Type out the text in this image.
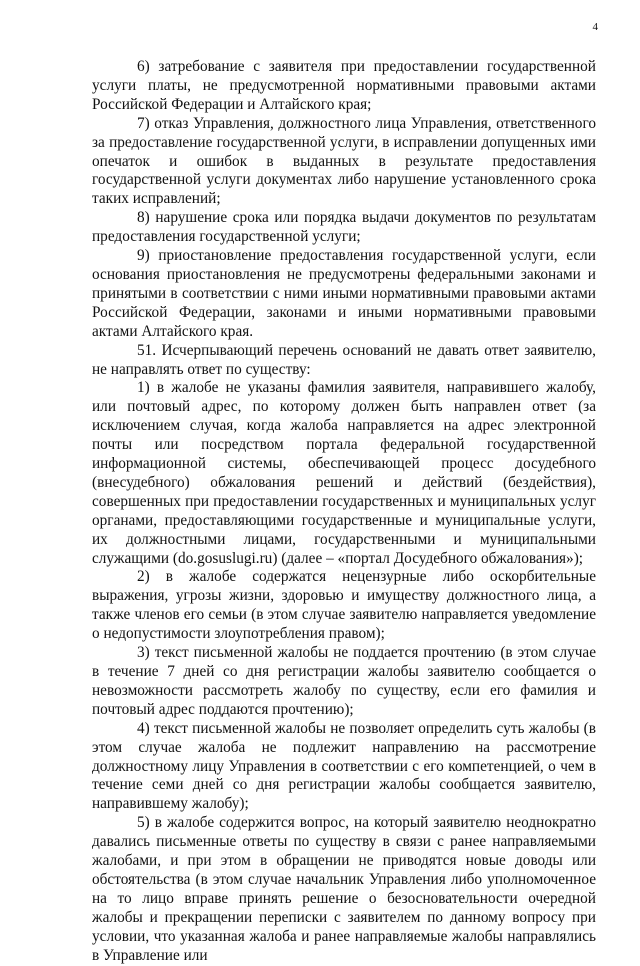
4

6) затребование с заявителя при предоставлении государственной услуги платы, не предусмотренной нормативными правовыми актами Российской Федерации и Алтайского края;

7) отказ Управления, должностного лица Управления, ответственного за предоставление государственной услуги, в исправлении допущенных ими опечаток и ошибок в выданных в результате предоставления государственной услуги документах либо нарушение установленного срока таких исправлений;

8) нарушение срока или порядка выдачи документов по результатам предоставления государственной услуги;

9) приостановление предоставления государственной услуги, если основания приостановления не предусмотрены федеральными законами и принятыми в соответствии с ними иными нормативными правовыми актами Российской Федерации, законами и иными нормативными правовыми актами Алтайского края.

51. Исчерпывающий перечень оснований не давать ответ заявителю, не направлять ответ по существу:

1) в жалобе не указаны фамилия заявителя, направившего жалобу, или почтовый адрес, по которому должен быть направлен ответ (за исключением случая, когда жалоба направляется на адрес электронной почты или посредством портала федеральной государственной информационной системы, обеспечивающей процесс досудебного (внесудебного) обжалования решений и действий (бездействия), совершенных при предоставлении государственных и муниципальных услуг органами, предоставляющими государственные и муниципальные услуги, их должностными лицами, государственными и муниципальными служащими (do.gosuslugi.ru) (далее – «портал Досудебного обжалования»);

2) в жалобе содержатся нецензурные либо оскорбительные выражения, угрозы жизни, здоровью и имуществу должностного лица, а также членов его семьи (в этом случае заявителю направляется уведомление о недопустимости злоупотребления правом);

3) текст письменной жалобы не поддается прочтению (в этом случае в течение 7 дней со дня регистрации жалобы заявителю сообщается о невозможности рассмотреть жалобу по существу, если его фамилия и почтовый адрес поддаются прочтению);

4) текст письменной жалобы не позволяет определить суть жалобы (в этом случае жалоба не подлежит направлению на рассмотрение должностному лицу Управления в соответствии с его компетенцией, о чем в течение семи дней со дня регистрации жалобы сообщается заявителю, направившему жалобу);

5) в жалобе содержится вопрос, на который заявителю неоднократно давались письменные ответы по существу в связи с ранее направляемыми жалобами, и при этом в обращении не приводятся новые доводы или обстоятельства (в этом случае начальник Управления либо уполномоченное на то лицо вправе принять решение о безосновательности очередной жалобы и прекращении переписки с заявителем по данному вопросу при условии, что указанная жалоба и ранее направляемые жалобы направлялись в Управление или
